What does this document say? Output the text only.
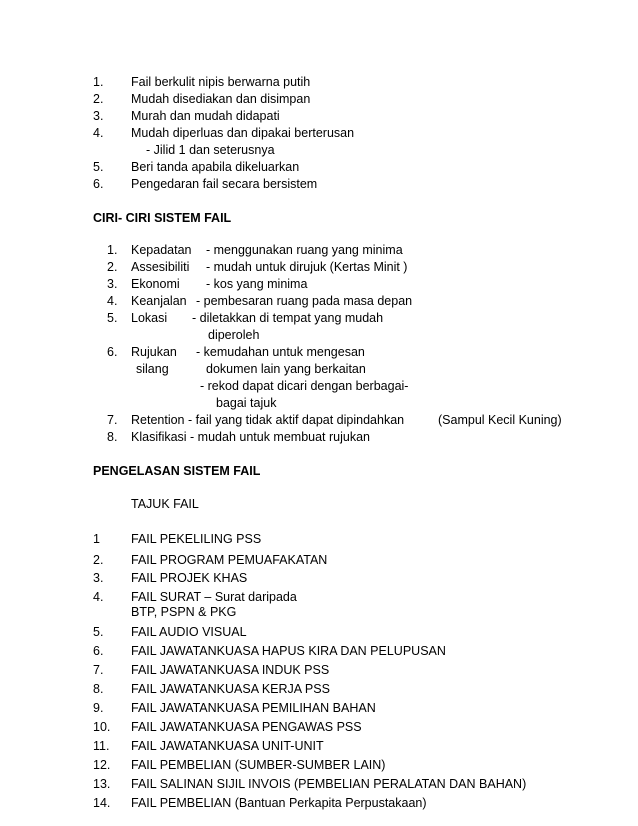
1. Fail berkulit nipis berwarna putih
2. Mudah disediakan dan disimpan
3. Murah dan mudah didapati
4. Mudah diperluas dan dipakai berterusan
- Jilid 1 dan seterusnya
5. Beri tanda apabila dikeluarkan
6. Pengedaran fail secara bersistem
CIRI- CIRI SISTEM FAIL
1. Kepadatan - menggunakan ruang yang minima
2. Assesibiliti - mudah untuk dirujuk (Kertas Minit )
3. Ekonomi - kos yang minima
4. Keanjalan - pembesaran ruang pada masa depan
5. Lokasi - diletakkan di tempat yang mudah
diperoleh
6. Rujukan - kemudahan untuk mengesan
silang	dokumen lain yang berkaitan
- rekod dapat dicari dengan berbagai-
bagai tajuk
7. Retention - fail yang tidak aktif dapat dipindahkan	(Sampul Kecil Kuning)
8. Klasifikasi - mudah untuk membuat rujukan
PENGELASAN SISTEM FAIL
TAJUK FAIL
1 FAIL PEKELILING PSS
2. FAIL PROGRAM PEMUAFAKATAN
3. FAIL PROJEK KHAS
4. FAIL SURAT – Surat daripada
BTP, PSPN & PKG
5. FAIL AUDIO VISUAL
6. FAIL JAWATANKUASA HAPUS KIRA DAN PELUPUSAN
7. FAIL JAWATANKUASA INDUK PSS
8. FAIL JAWATANKUASA KERJA PSS
9. FAIL JAWATANKUASA PEMILIHAN BAHAN
10. FAIL JAWATANKUASA PENGAWAS PSS
11. FAIL JAWATANKUASA UNIT-UNIT
12. FAIL PEMBELIAN (SUMBER-SUMBER LAIN)
13. FAIL SALINAN SIJIL INVOIS (PEMBELIAN PERALATAN DAN BAHAN)
14. FAIL PEMBELIAN (Bantuan Perkapita Perpustakaan)
